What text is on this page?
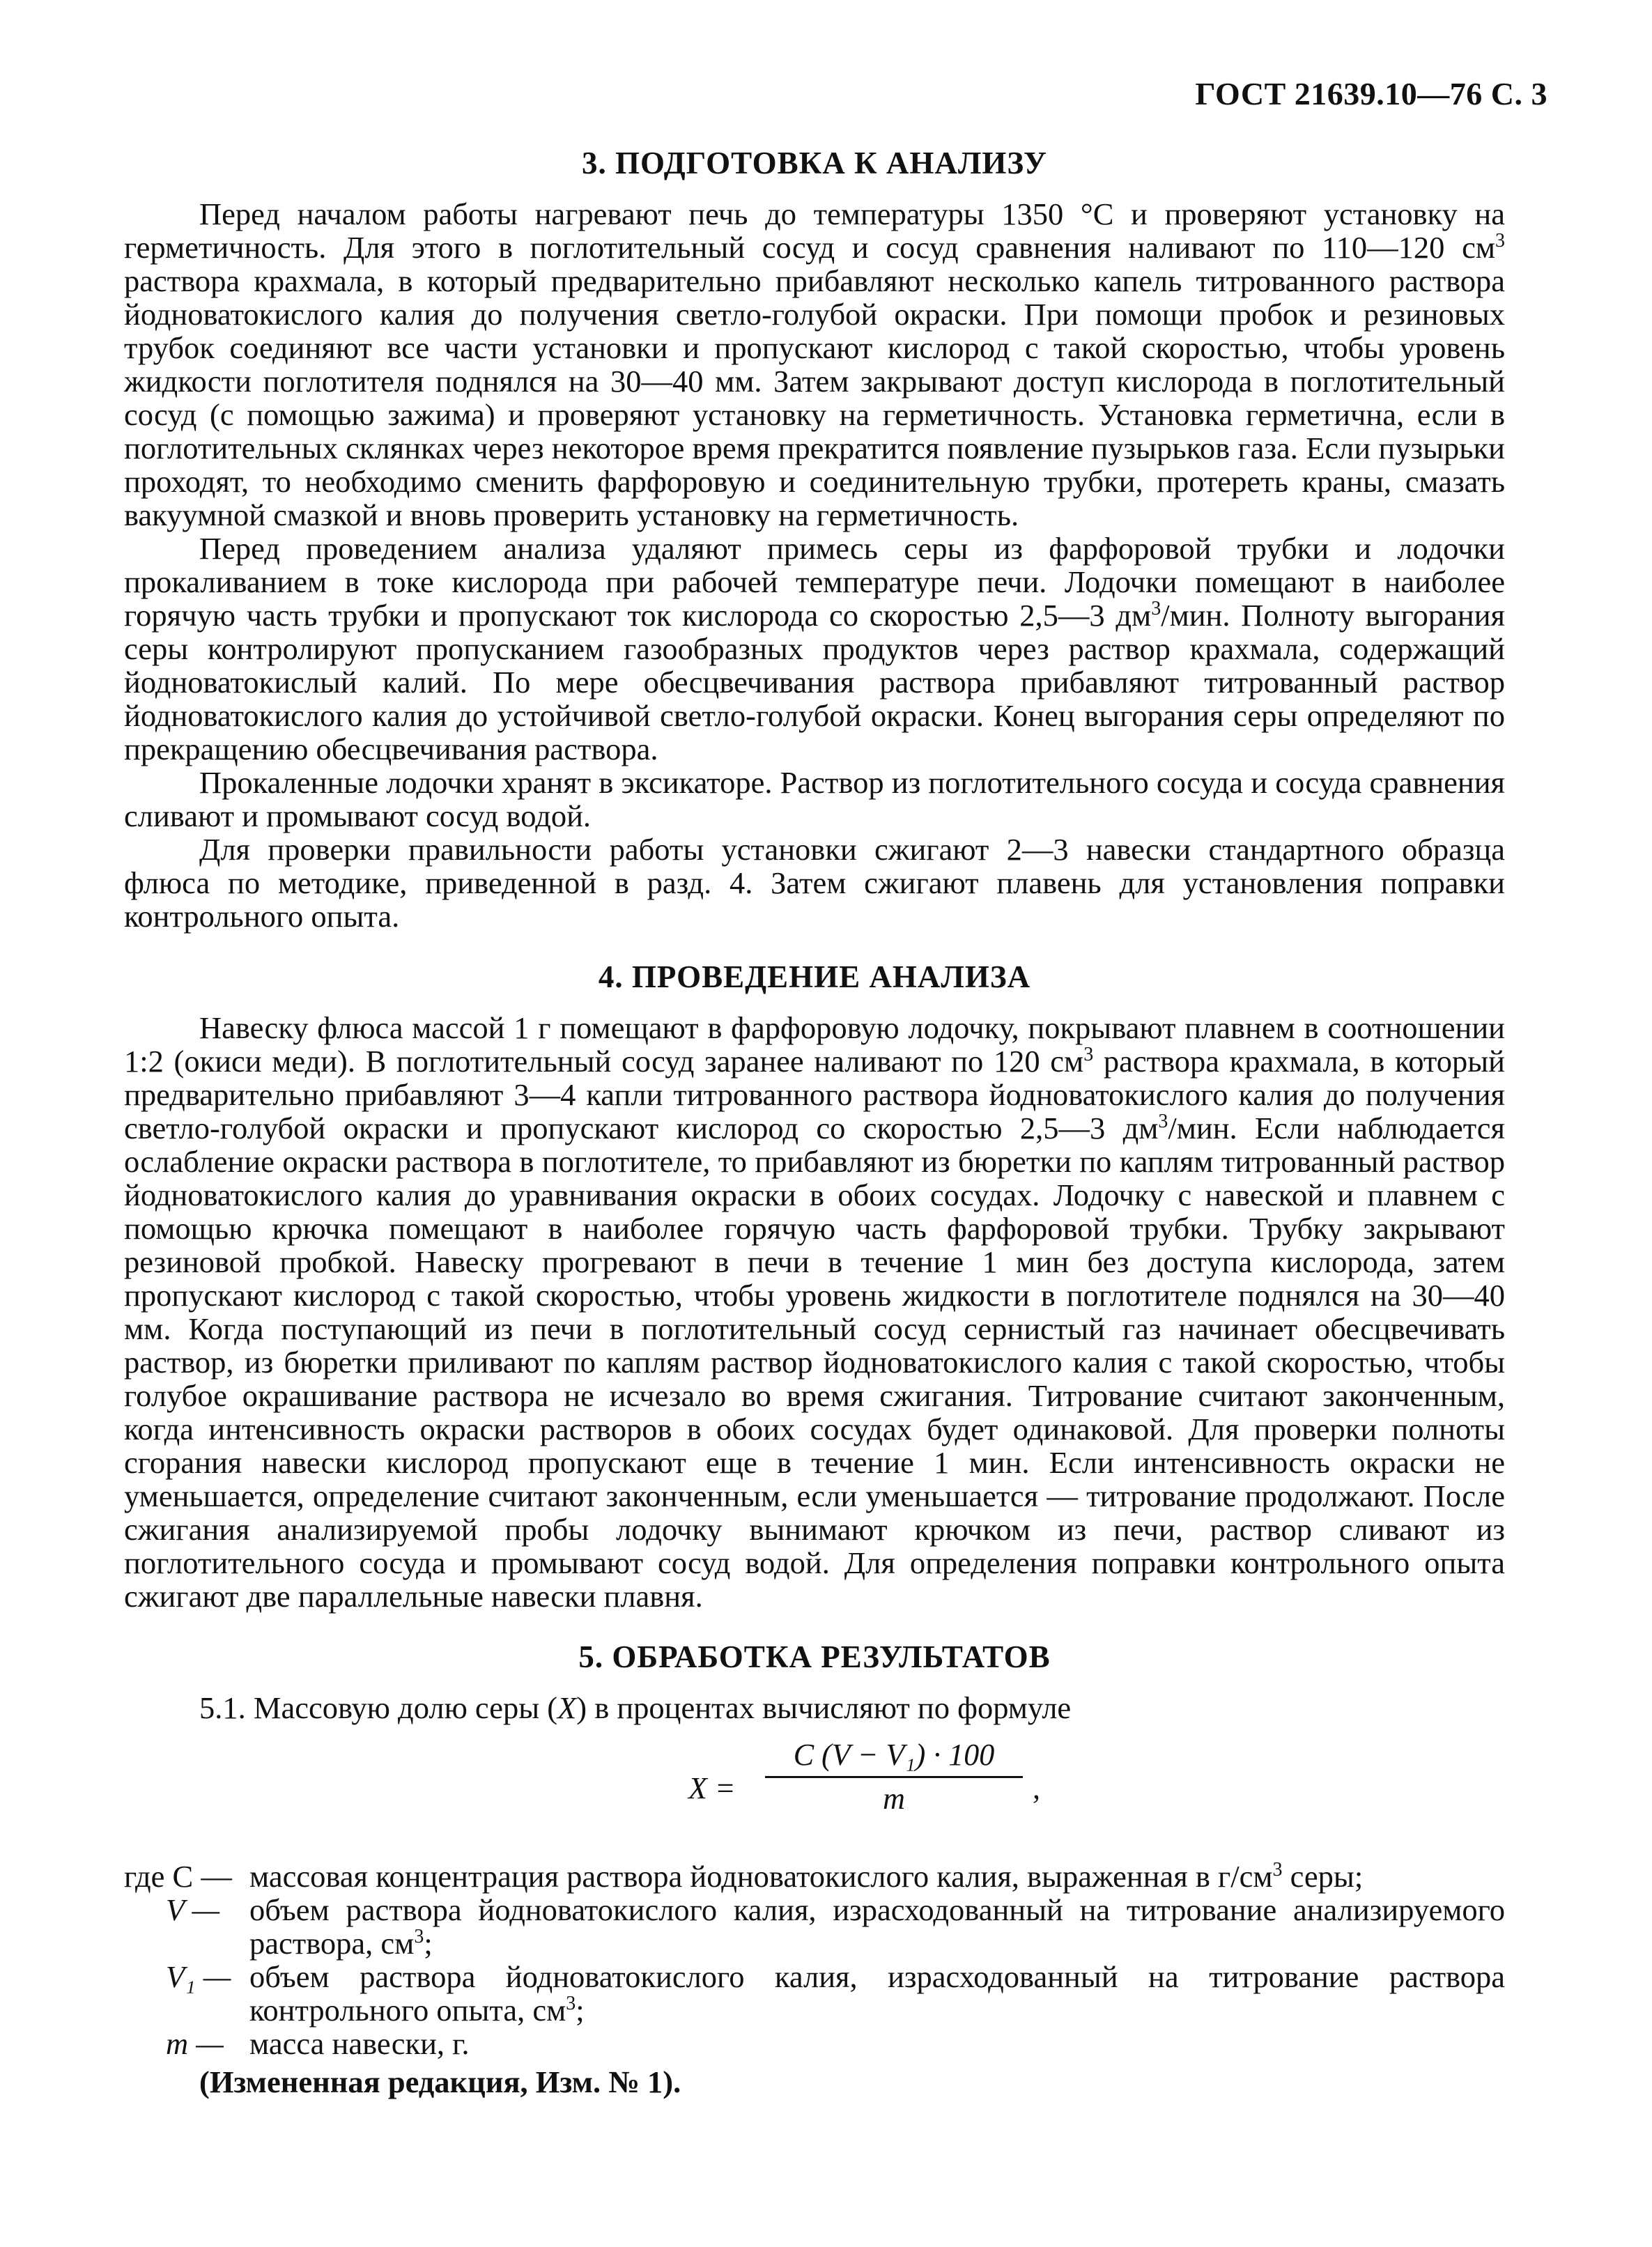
ГОСТ 21639.10—76 С. 3
3. ПОДГОТОВКА К АНАЛИЗУ

Перед началом работы нагревают печь до температуры 1350 °С и проверяют установку на герметичность. Для этого в поглотительный сосуд и сосуд сравнения наливают по 110—120 $см^3$ раствора крахмала, в который предварительно прибавляют несколько капель титрованного раствора йодноватокислого калия до получения светло-голубой окраски. При помощи пробок и резиновых трубок соединяют все части установки и пропускают кислород с такой скоростью, чтобы уровень жидкости поглотителя поднялся на 30—40 мм. Затем закрывают доступ кислорода в поглотительный сосуд (с помощью зажима) и проверяют установку на герметичность. Установка герметична, если в поглотительных склянках через некоторое время прекратится появление пузырьков газа. Если пузырьки проходят, то необходимо сменить фарфоровую и соединительную трубки, протереть краны, смазать вакуумной смазкой и вновь проверить установку на герметичность.

Перед проведением анализа удаляют примесь серы из фарфоровой трубки и лодочки прокаливанием в токе кислорода при рабочей температуре печи. Лодочки помещают в наиболее горячую часть трубки и пропускают ток кислорода со скоростью 2,5—3 $дм^3$/мин. Полноту выгорания серы контролируют пропусканием газообразных продуктов через раствор крахмала, содержащий йодноватокислый калий. По мере обесцвечивания раствора прибавляют титрованный раствор йодноватокислого калия до устойчивой светло-голубой окраски. Конец выгорания серы определяют по прекращению обесцвечивания раствора.

Прокаленные лодочки хранят в эксикаторе. Раствор из поглотительного сосуда и сосуда сравнения сливают и промывают сосуд водой.

Для проверки правильности работы установки сжигают 2—3 навески стандартного образца флюса по методике, приведенной в разд. 4. Затем сжигают плавень для установления поправки контрольного опыта.

4. ПРОВЕДЕНИЕ АНАЛИЗА

Навеску флюса массой 1 г помещают в фарфоровую лодочку, покрывают плавнем в соотношении 1:2 (окиси меди). В поглотительный сосуд заранее наливают по 120 $см^3$ раствора крахмала, в который предварительно прибавляют 3—4 капли титрованного раствора йодноватокислого калия до получения светло-голубой окраски и пропускают кислород со скоростью 2,5—3 $дм^3$/мин. Если наблюдается ослабление окраски раствора в поглотителе, то прибавляют из бюретки по каплям титрованный раствор йодноватокислого калия до уравнивания окраски в обоих сосудах. Лодочку с навеской и плавнем с помощью крючка помещают в наиболее горячую часть фарфоровой трубки. Трубку закрывают резиновой пробкой. Навеску прогревают в печи в течение 1 мин без доступа кислорода, затем пропускают кислород с такой скоростью, чтобы уровень жидкости в поглотителе поднялся на 30—40 мм. Когда поступающий из печи в поглотительный сосуд сернистый газ начинает обесцвечивать раствор, из бюретки приливают по каплям раствор йодноватокислого калия с такой скоростью, чтобы голубое окрашивание раствора не исчезало во время сжигания. Титрование считают законченным, когда интенсивность окраски растворов в обоих сосудах будет одинаковой. Для проверки полноты сгорания навески кислород пропускают еще в течение 1 мин. Если интенсивность окраски не уменьшается, определение считают законченным, если уменьшается — титрование продолжают. После сжигания анализируемой пробы лодочку вынимают крючком из печи, раствор сливают из поглотительного сосуда и промывают сосуд водой. Для определения поправки контрольного опыта сжигают две параллельные навески плавня.

5. ОБРАБОТКА РЕЗУЛЬТАТОВ

5.1. Массовую долю серы (X) в процентах вычисляют по формуле

X =
C (V − V₁) · 100
m	,
где C — массовая концентрация раствора йодноватокислого калия, выраженная в $г/см^3$ серы;
V — объем раствора йодноватокислого калия, израсходованный на титрование анализируемого раствора, $см^3$;
V₁ — объем раствора йодноватокислого калия, израсходованный на титрование раствора контрольного опыта, $см^3$;
m — масса навески, г.
(Измененная редакция, Изм. № 1).
